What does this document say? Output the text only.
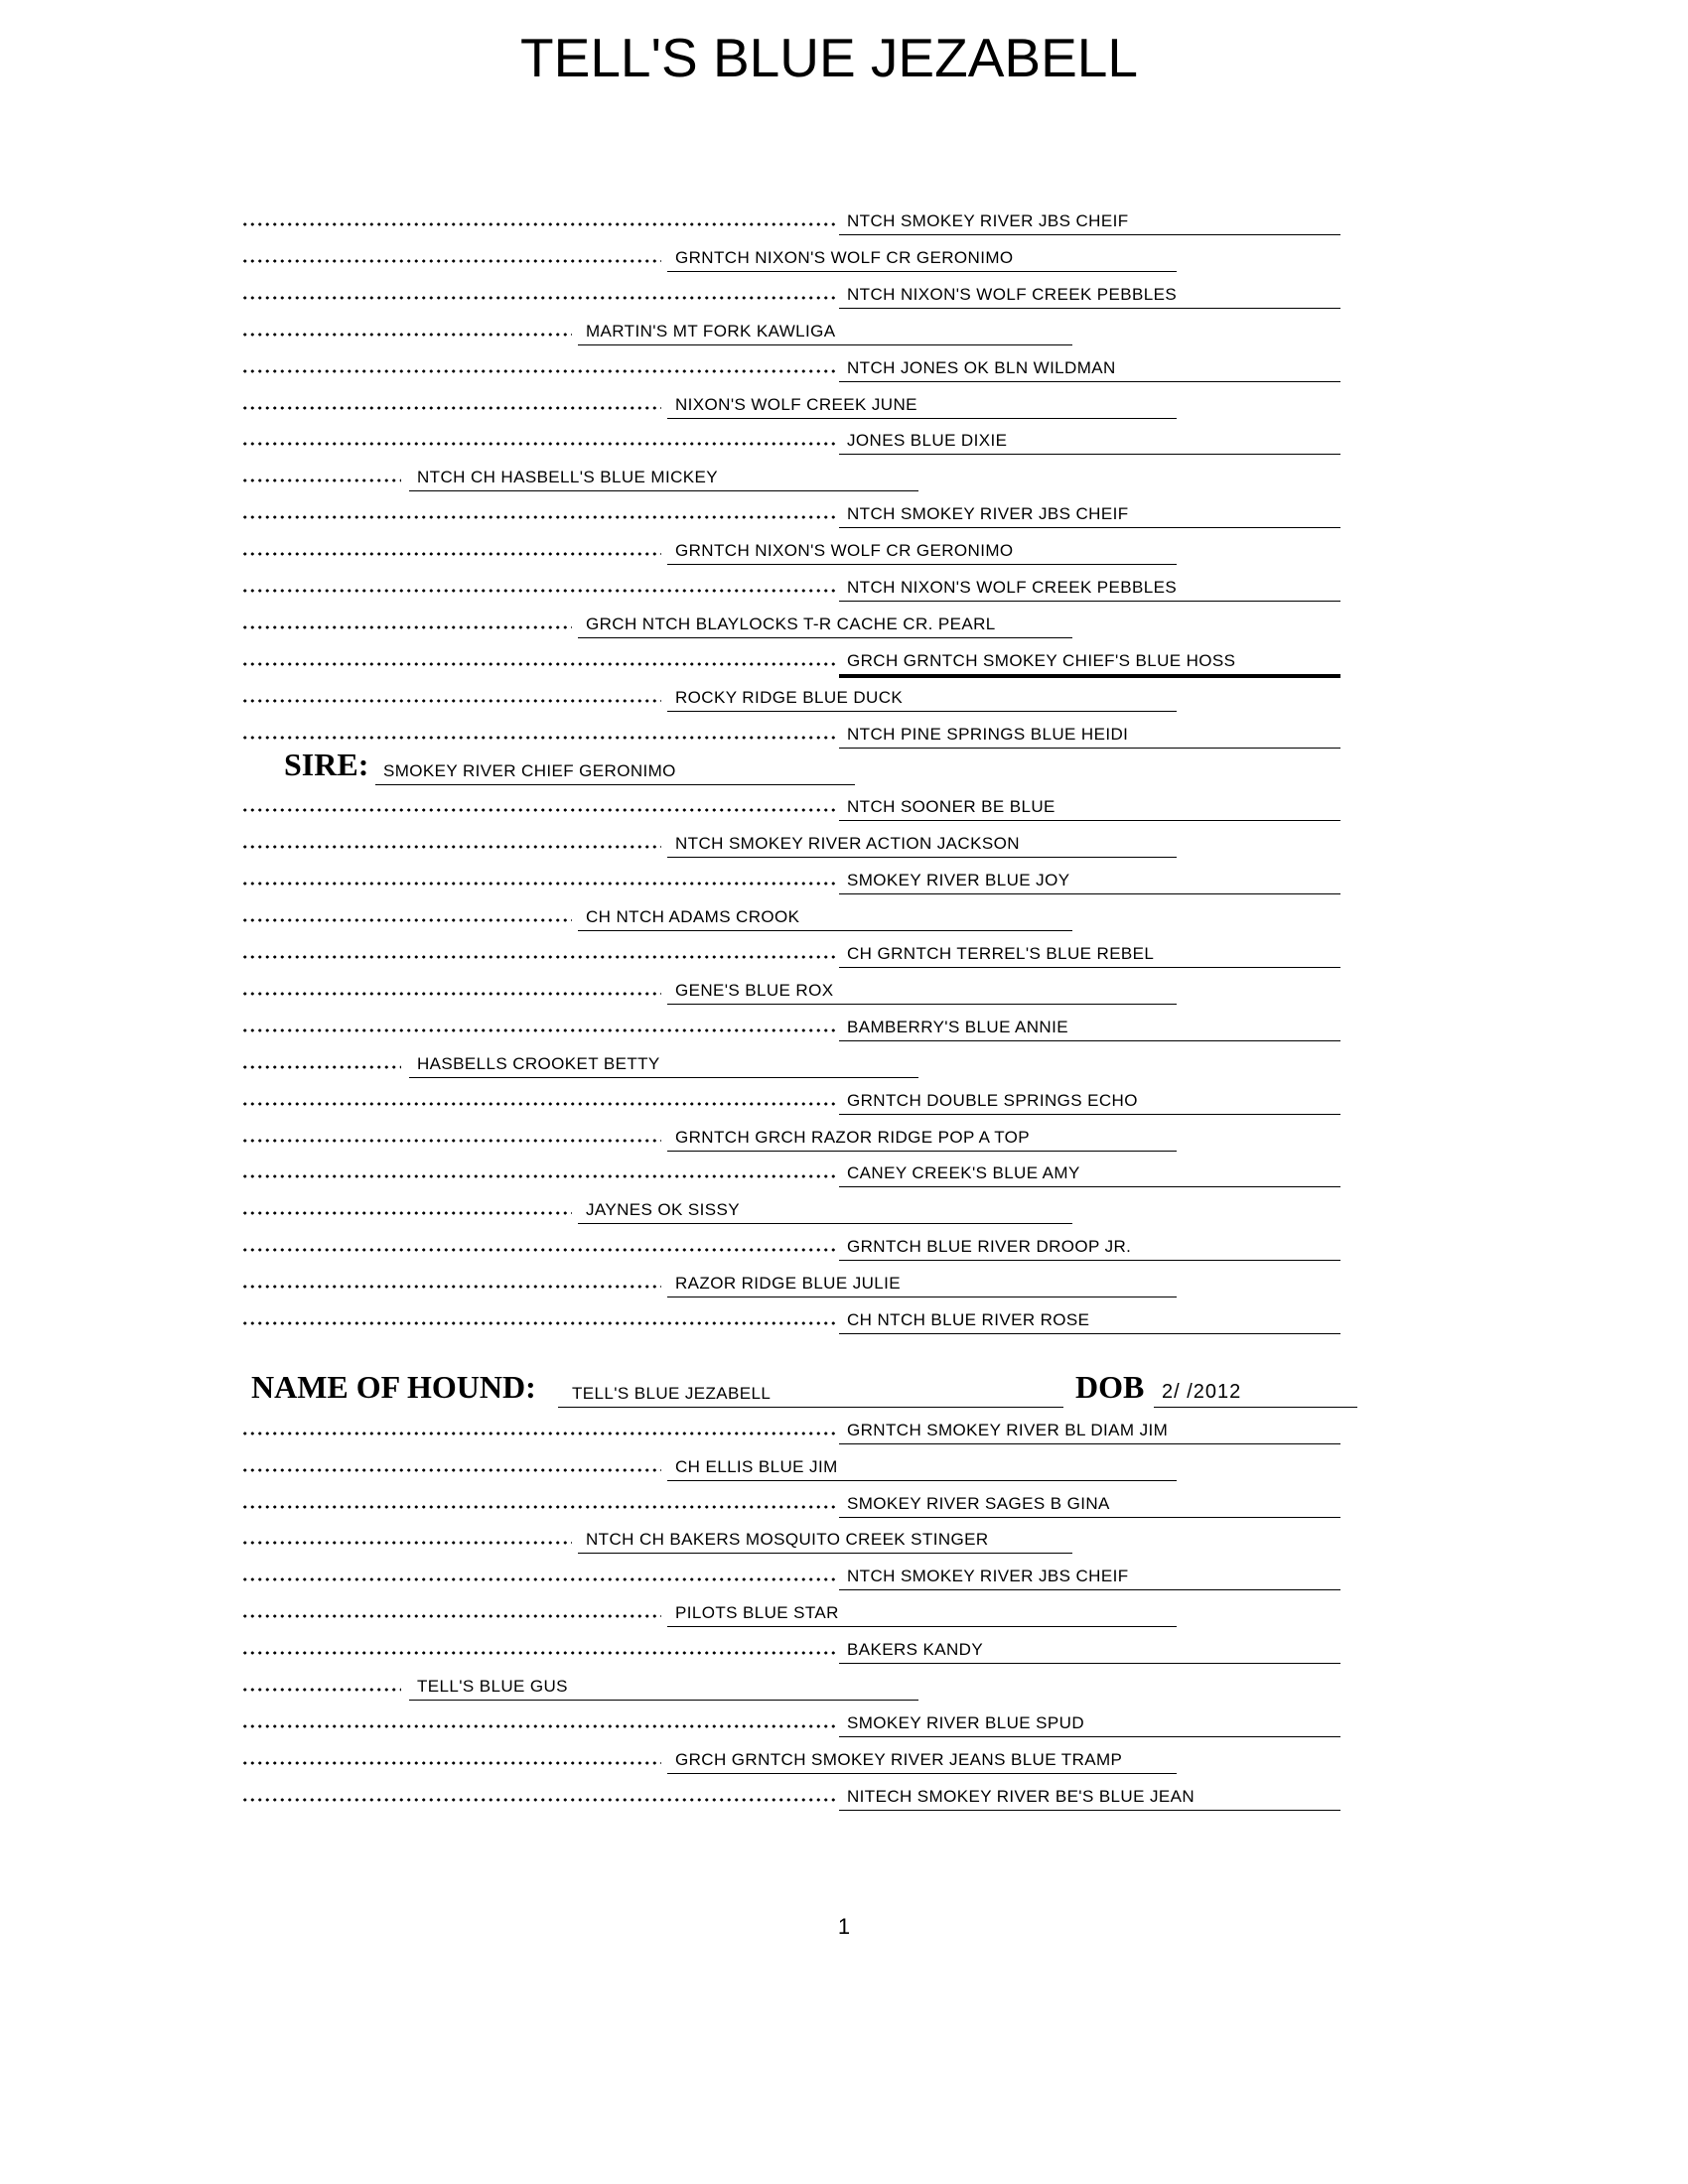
TELL'S BLUE JEZABELL
NTCH SMOKEY RIVER JBS CHEIF
GRNTCH NIXON'S WOLF CR GERONIMO
NTCH NIXON'S WOLF CREEK PEBBLES
MARTIN'S MT FORK KAWLIGA
NTCH JONES OK BLN WILDMAN
NIXON'S WOLF CREEK JUNE
JONES BLUE DIXIE
NTCH CH HASBELL'S BLUE MICKEY
NTCH SMOKEY RIVER JBS CHEIF
GRNTCH NIXON'S WOLF CR GERONIMO
NTCH NIXON'S WOLF CREEK PEBBLES
GRCH NTCH BLAYLOCKS T-R CACHE CR. PEARL
GRCH GRNTCH SMOKEY CHIEF'S BLUE HOSS
ROCKY RIDGE BLUE DUCK
NTCH PINE SPRINGS BLUE HEIDI
SIRE: SMOKEY RIVER CHIEF GERONIMO
NTCH SOONER BE BLUE
NTCH SMOKEY RIVER ACTION JACKSON
SMOKEY RIVER BLUE JOY
CH NTCH ADAMS CROOK
CH GRNTCH TERREL'S BLUE REBEL
GENE'S BLUE ROX
BAMBERRY'S BLUE ANNIE
HASBELLS CROOKET BETTY
GRNTCH DOUBLE SPRINGS ECHO
GRNTCH GRCH RAZOR RIDGE POP A TOP
CANEY CREEK'S BLUE AMY
JAYNES OK SISSY
GRNTCH BLUE RIVER DROOP JR.
RAZOR RIDGE BLUE JULIE
CH NTCH BLUE RIVER ROSE
NAME OF HOUND:	TELL'S BLUE JEZABELL	DOB 2/ /2012
GRNTCH SMOKEY RIVER BL DIAM JIM
CH ELLIS BLUE JIM
SMOKEY RIVER SAGES B GINA
NTCH CH BAKERS MOSQUITO CREEK STINGER
NTCH SMOKEY RIVER JBS CHEIF
PILOTS BLUE STAR
BAKERS KANDY
TELL'S BLUE GUS
SMOKEY RIVER BLUE SPUD
GRCH GRNTCH SMOKEY RIVER JEANS BLUE TRAMP
NITECH SMOKEY RIVER BE'S BLUE JEAN
1
